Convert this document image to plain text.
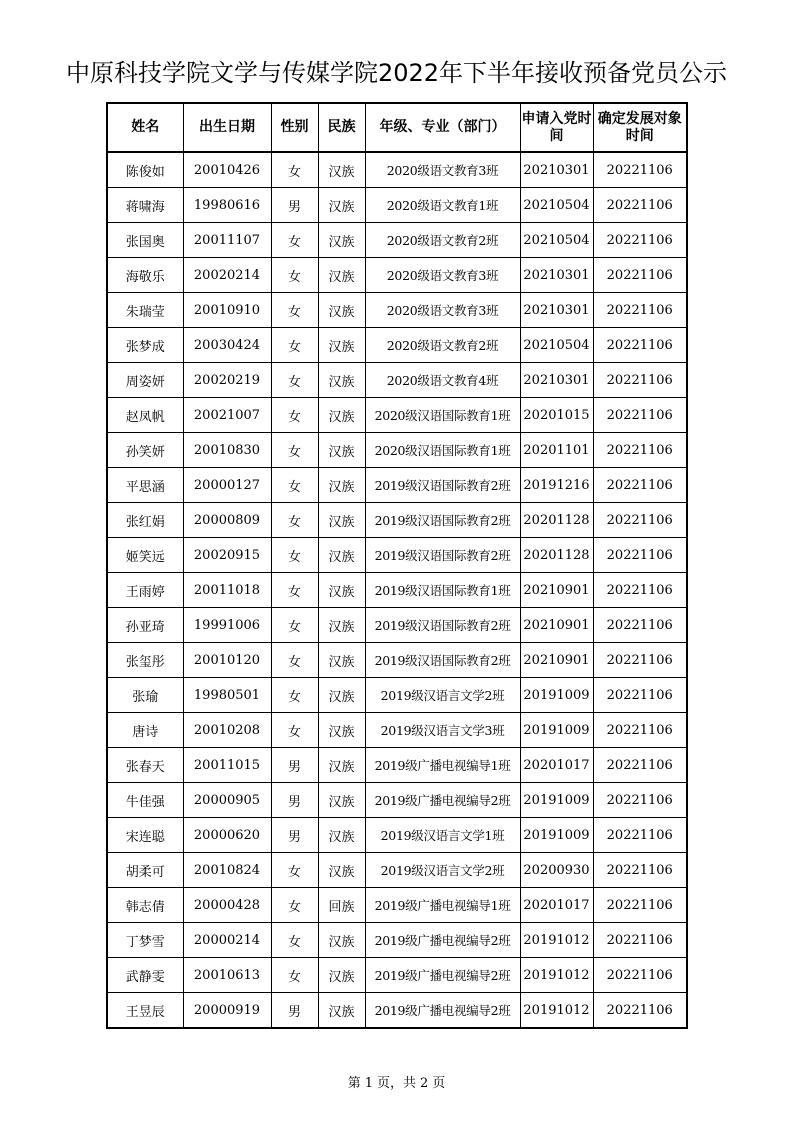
中原科技学院文学与传媒学院2022年下半年接收预备党员公示
姓名	出生日期	性别	民族	年级、专业（部门）	申请入党时间	确定发展对象时间
陈俊如	20010426	女	汉族	2020级语文教育3班	20210301	20221106
蒋啸海	19980616	男	汉族	2020级语文教育1班	20210504	20221106
张国奥	20011107	女	汉族	2020级语文教育2班	20210504	20221106
海敬乐	20020214	女	汉族	2020级语文教育3班	20210301	20221106
朱瑞莹	20010910	女	汉族	2020级语文教育3班	20210301	20221106
张梦成	20030424	女	汉族	2020级语文教育2班	20210504	20221106
周姿妍	20020219	女	汉族	2020级语文教育4班	20210301	20221106
赵凤帆	20021007	女	汉族	2020级汉语国际教育1班	20201015	20221106
孙笑妍	20010830	女	汉族	2020级汉语国际教育1班	20201101	20221106
平思涵	20000127	女	汉族	2019级汉语国际教育2班	20191216	20221106
张红娟	20000809	女	汉族	2019级汉语国际教育2班	20201128	20221106
姬笑远	20020915	女	汉族	2019级汉语国际教育2班	20201128	20221106
王雨婷	20011018	女	汉族	2019级汉语国际教育1班	20210901	20221106
孙亚琦	19991006	女	汉族	2019级汉语国际教育2班	20210901	20221106
张玺彤	20010120	女	汉族	2019级汉语国际教育2班	20210901	20221106
张瑜	19980501	女	汉族	2019级汉语言文学2班	20191009	20221106
唐诗	20010208	女	汉族	2019级汉语言文学3班	20191009	20221106
张春天	20011015	男	汉族	2019级广播电视编导1班	20201017	20221106
牛佳强	20000905	男	汉族	2019级广播电视编导2班	20191009	20221106
宋连聪	20000620	男	汉族	2019级汉语言文学1班	20191009	20221106
胡柔可	20010824	女	汉族	2019级汉语言文学2班	20200930	20221106
韩志倩	20000428	女	回族	2019级广播电视编导1班	20201017	20221106
丁梦雪	20000214	女	汉族	2019级广播电视编导2班	20191012	20221106
武静雯	20010613	女	汉族	2019级广播电视编导2班	20191012	20221106
王昱辰	20000919	男	汉族	2019级广播电视编导2班	20191012	20221106
第 1 页，共 2 页
